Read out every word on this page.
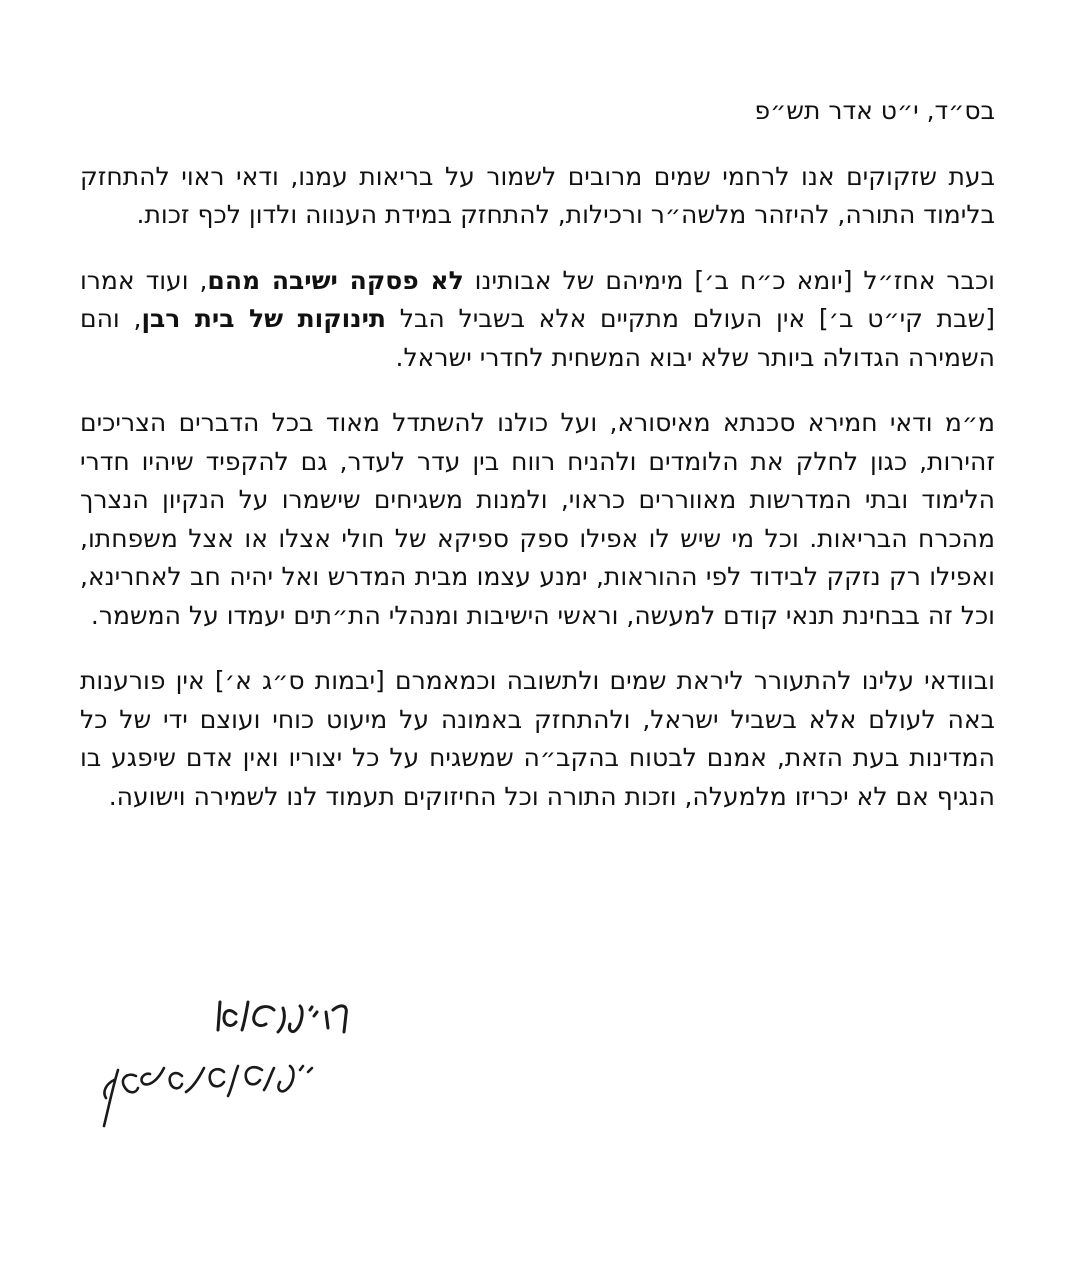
בס״ד, י״ט אדר תש״פ

בעת שזקוקים אנו לרחמי שמים מרובים לשמור על בריאות עמנו, ודאי ראוי להתחזק בלימוד התורה, להיזהר מלשה״ר ורכילות, להתחזק במידת הענווה ולדון לכף זכות.

וכבר אחז״ל [יומא כ״ח ב׳] מימיהם של אבותינו לא פסקה ישיבה מהם, ועוד אמרו [שבת קי״ט ב׳] אין העולם מתקיים אלא בשביל הבל תינוקות של בית רבן, והם השמירה הגדולה ביותר שלא יבוא המשחית לחדרי ישראל.

מ״מ ודאי חמירא סכנתא מאיסורא, ועל כולנו להשתדל מאוד בכל הדברים הצריכים זהירות, כגון לחלק את הלומדים ולהניח רווח בין עדר לעדר, גם להקפיד שיהיו חדרי הלימוד ובתי המדרשות מאווררים כראוי, ולמנות משגיחים שישמרו על הנקיון הנצרך מהכרח הבריאות. וכל מי שיש לו אפילו ספק ספיקא של חולי אצלו או אצל משפחתו, ואפילו רק נזקק לבידוד לפי ההוראות, ימנע עצמו מבית המדרש ואל יהיה חב לאחרינא, וכל זה בבחינת תנאי קודם למעשה, וראשי הישיבות ומנהלי הת״תים יעמדו על המשמר.

ובוודאי עלינו להתעורר ליראת שמים ולתשובה וכמאמרם [יבמות ס״ג א׳] אין פורענות באה לעולם אלא בשביל ישראל, ולהתחזק באמונה על מיעוט כוחי ועוצם ידי של כל המדינות בעת הזאת, אמנם לבטוח בהקב״ה שמשגיח על כל יצוריו ואין אדם שיפגע בו הנגיף אם לא יכריזו מלמעלה, וזכות התורה וכל החיזוקים תעמוד לנו לשמירה וישועה.
